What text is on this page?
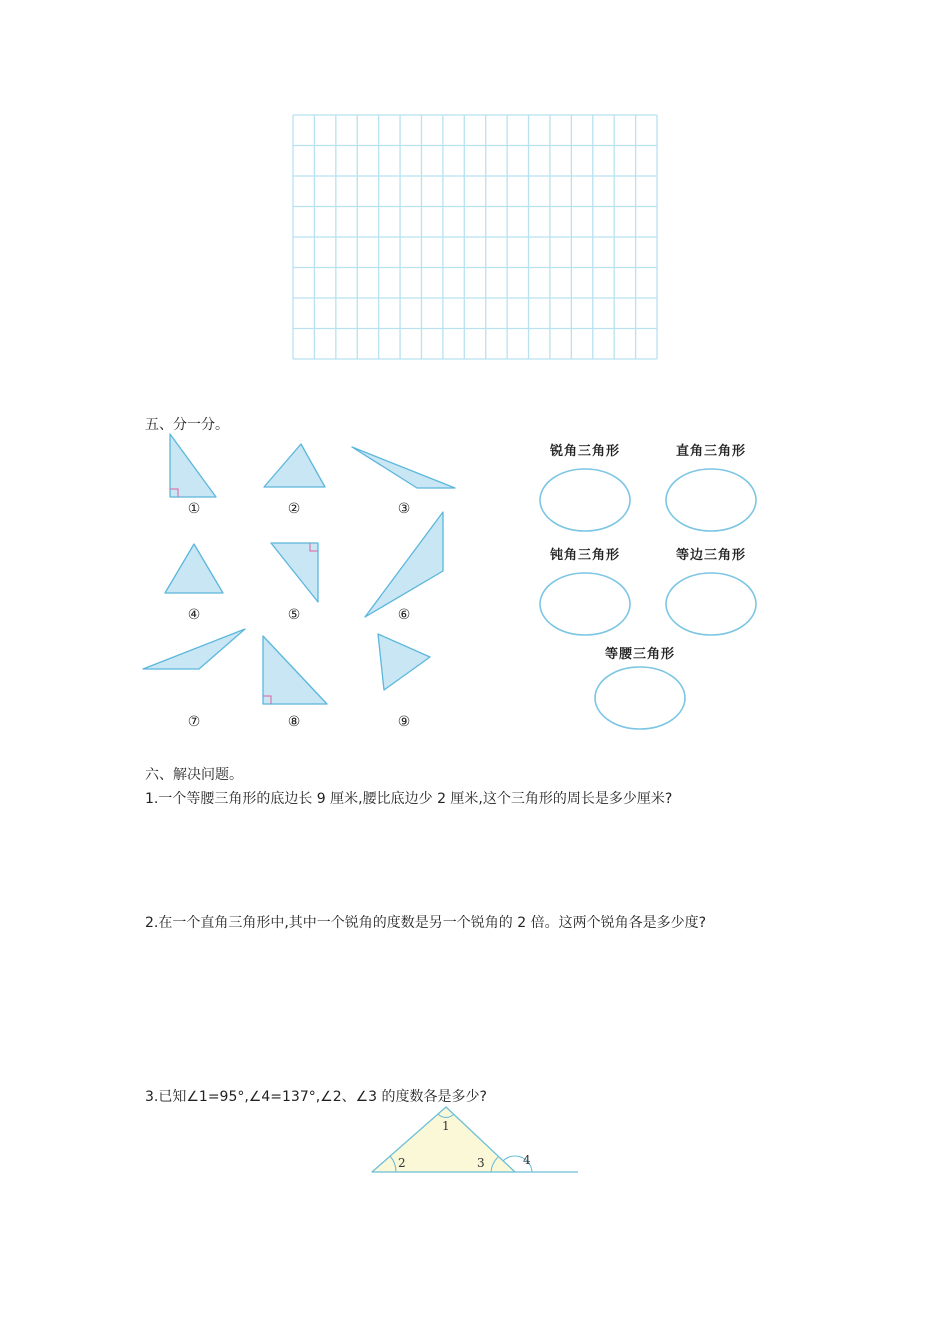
五、分一分。
①	②	③
④	⑤	⑥
⑦	⑧	⑨
锐角三角形	直角三角形
钝角三角形	等边三角形
等腰三角形
六、解决问题。
1.一个等腰三角形的底边长 9 厘米,腰比底边少 2 厘米,这个三角形的周长是多少厘米?
2.在一个直角三角形中,其中一个锐角的度数是另一个锐角的 2 倍。这两个锐角各是多少度?
3.已知∠1=95°,∠4=137°,∠2、∠3 的度数各是多少?
1
2	3	4
